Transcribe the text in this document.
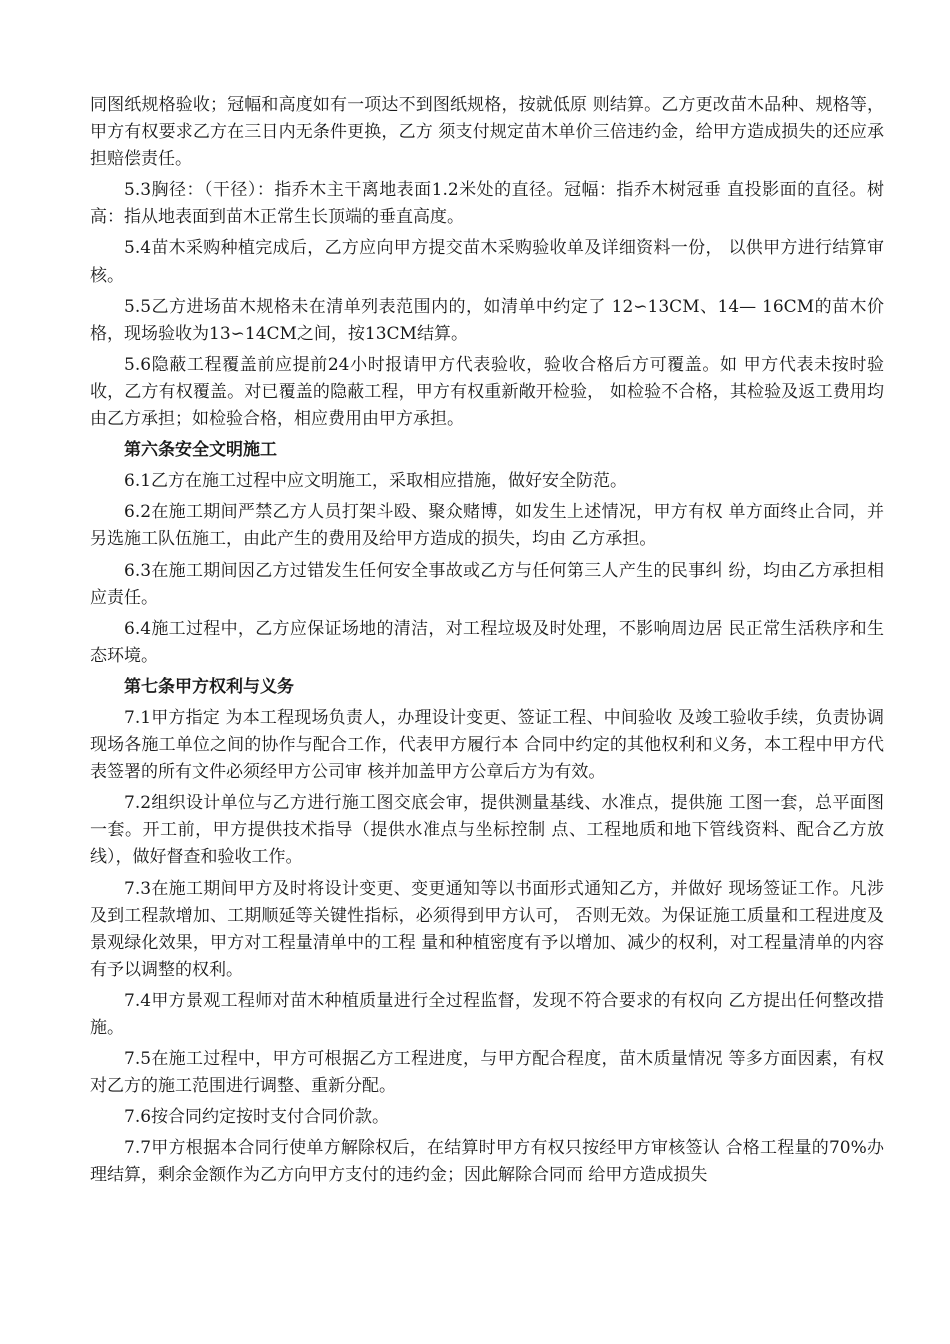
同图纸规格验收；冠幅和高度如有一项达不到图纸规格，按就低原 则结算。乙方更改苗木品种、规格等，甲方有权要求乙方在三日内无条件更换，乙方 须支付规定苗木单价三倍违约金，给甲方造成损失的还应承担赔偿责任。

5.3胸径：（干径）：指乔木主干离地表面1.2米处的直径。冠幅：指乔木树冠垂 直投影面的直径。树高：指从地表面到苗木正常生长顶端的垂直高度。

5.4苗木采购种植完成后，乙方应向甲方提交苗木采购验收单及详细资料一份， 以供甲方进行结算审核。

5.5乙方进场苗木规格未在清单列表范围内的，如清单中约定了 12∽13CM、14— 16CM的苗木价格，现场验收为13∽14CM之间，按13CM结算。

5.6隐蔽工程覆盖前应提前24小时报请甲方代表验收，验收合格后方可覆盖。如 甲方代表未按时验收，乙方有权覆盖。对已覆盖的隐蔽工程，甲方有权重新敞开检验， 如检验不合格，其检验及返工费用均由乙方承担；如检验合格，相应费用由甲方承担。

第六条安全文明施工

6.1乙方在施工过程中应文明施工，采取相应措施，做好安全防范。

6.2在施工期间严禁乙方人员打架斗殴、聚众赌博，如发生上述情况，甲方有权 单方面终止合同，并另选施工队伍施工，由此产生的费用及给甲方造成的损失，均由 乙方承担。

6.3在施工期间因乙方过错发生任何安全事故或乙方与任何第三人产生的民事纠 纷，均由乙方承担相应责任。

6.4施工过程中，乙方应保证场地的清洁，对工程垃圾及时处理，不影响周边居 民正常生活秩序和生态环境。

第七条甲方权利与义务

7.1甲方指定 为本工程现场负责人，办理设计变更、签证工程、中间验收 及竣工验收手续，负责协调现场各施工单位之间的协作与配合工作，代表甲方履行本 合同中约定的其他权利和义务，本工程中甲方代表签署的所有文件必须经甲方公司审 核并加盖甲方公章后方为有效。

7.2组织设计单位与乙方进行施工图交底会审，提供测量基线、水准点，提供施 工图一套，总平面图一套。开工前，甲方提供技术指导（提供水准点与坐标控制 点、工程地质和地下管线资料、配合乙方放线），做好督查和验收工作。

7.3在施工期间甲方及时将设计变更、变更通知等以书面形式通知乙方，并做好 现场签证工作。凡涉及到工程款增加、工期顺延等关键性指标，必须得到甲方认可， 否则无效。为保证施工质量和工程进度及景观绿化效果，甲方对工程量清单中的工程 量和种植密度有予以增加、减少的权利，对工程量清单的内容有予以调整的权利。

7.4甲方景观工程师对苗木种植质量进行全过程监督，发现不符合要求的有权向 乙方提出任何整改措施。

7.5在施工过程中，甲方可根据乙方工程进度，与甲方配合程度，苗木质量情况 等多方面因素，有权对乙方的施工范围进行调整、重新分配。

7.6按合同约定按时支付合同价款。

7.7甲方根据本合同行使单方解除权后，在结算时甲方有权只按经甲方审核签认 合格工程量的70%办理结算，剩余金额作为乙方向甲方支付的违约金；因此解除合同而 给甲方造成损失
